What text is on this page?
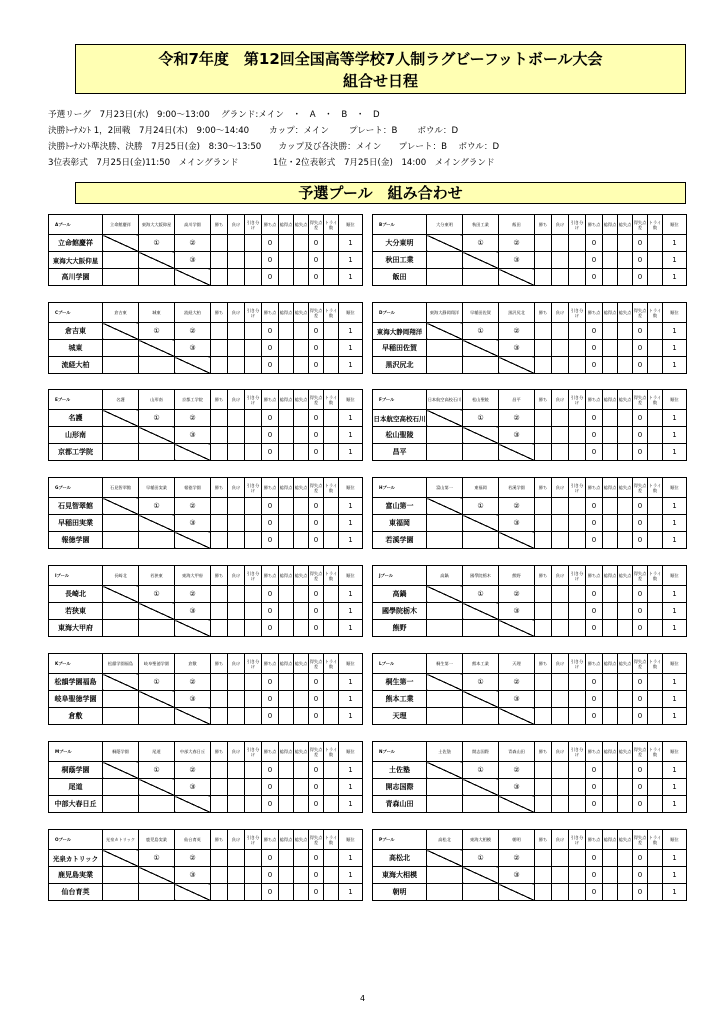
令和7年度　第12回全国高等学校7人制ラグビーフットボール大会
組合せ日程
予選リーグ　7月23日(水)　9:00～13:00　 グランド:メイン　・　A　・　B　・　D
決勝ﾄｰﾅﾒﾝﾄ 1，2回戦　7月24日(木)　9:00～14:40　　 カップ：メイン　　 プレート：B　　 ボウル：D
決勝ﾄｰﾅﾒﾝﾄ準決勝、決勝　7月25日(金)　8:30～13:50　　カップ及び各決勝：メイン　　プレート：B　 ボウル：D
3位表彰式　7月25日(金)11:50　メイングランド　　　　1位・2位表彰式　7月25日(金)　14:00　メイングランド
予選プール　組み合わせ
Aプール	立命館慶祥	東海大大阪仰星	高川学園	勝ち	負け	引き分け	勝ち点	総得点	総失点	得失点差	トライ数	順位
立命館慶祥		①	②				0			0		1
東海大大阪仰星			③				0			0		1
高川学園							0			0		1
Bプール	大分東明	秋田工業	飯田	勝ち	負け	引き分け	勝ち点	総得点	総失点	得失点差	トライ数	順位
大分東明		①	②				0			0		1
秋田工業			③				0			0		1
飯田							0			0		1
Cプール	倉吉東	城東	流経大柏	勝ち	負け	引き分け	勝ち点	総得点	総失点	得失点差	トライ数	順位
倉吉東		①	②				0			0		1
城東			③				0			0		1
流経大柏							0			0		1
Dプール	東海大静岡翔洋	早稲田佐賀	黒沢尻北	勝ち	負け	引き分け	勝ち点	総得点	総失点	得失点差	トライ数	順位
東海大静岡翔洋		①	②				0			0		1
早稲田佐賀			③				0			0		1
黒沢尻北							0			0		1
Eプール	名護	山形南	京都工学院	勝ち	負け	引き分け	勝ち点	総得点	総失点	得失点差	トライ数	順位
名護		①	②				0			0		1
山形南			③				0			0		1
京都工学院							0			0		1
Fプール	日本航空高校石川	松山聖陵	昌平	勝ち	負け	引き分け	勝ち点	総得点	総失点	得失点差	トライ数	順位
日本航空高校石川		①	②				0			0		1
松山聖陵			③				0			0		1
昌平							0			0		1
Gプール	石見智翠館	早稲田実業	報徳学園	勝ち	負け	引き分け	勝ち点	総得点	総失点	得失点差	トライ数	順位
石見智翠館		①	②				0			0		1
早稲田実業			③				0			0		1
報徳学園							0			0		1
Hプール	富山第一	東福岡	若溪学園	勝ち	負け	引き分け	勝ち点	総得点	総失点	得失点差	トライ数	順位
富山第一		①	②				0			0		1
東福岡			③				0			0		1
若溪学園							0			0		1
Iプール	長崎北	若狭東	東海大甲府	勝ち	負け	引き分け	勝ち点	総得点	総失点	得失点差	トライ数	順位
長崎北		①	②				0			0		1
若狭東			③				0			0		1
東海大甲府							0			0		1
Jプール	高鍋	國學院栃木	熊野	勝ち	負け	引き分け	勝ち点	総得点	総失点	得失点差	トライ数	順位
高鍋		①	②				0			0		1
國學院栃木			③				0			0		1
熊野							0			0		1
Kプール	松韻学園福島	岐阜聖徳学園	倉敷	勝ち	負け	引き分け	勝ち点	総得点	総失点	得失点差	トライ数	順位
松韻学園福島		①	②				0			0		1
岐阜聖徳学園			③				0			0		1
倉敷							0			0		1
Lプール	桐生第一	熊本工業	天理	勝ち	負け	引き分け	勝ち点	総得点	総失点	得失点差	トライ数	順位
桐生第一		①	②				0			0		1
熊本工業			③				0			0		1
天理							0			0		1
Mプール	桐蔭学園	尾道	中部大春日丘	勝ち	負け	引き分け	勝ち点	総得点	総失点	得失点差	トライ数	順位
桐蔭学園		①	②				0			0		1
尾道			③				0			0		1
中部大春日丘							0			0		1
Nプール	土佐塾	開志国際	青森山田	勝ち	負け	引き分け	勝ち点	総得点	総失点	得失点差	トライ数	順位
土佐塾		①	②				0			0		1
開志国際			③				0			0		1
青森山田							0			0		1
Oプール	光泉カトリック	鹿児島実業	仙台育英	勝ち	負け	引き分け	勝ち点	総得点	総失点	得失点差	トライ数	順位
光泉カトリック		①	②				0			0		1
鹿児島実業			③				0			0		1
仙台育英							0			0		1
Pプール	高松北	東海大相模	朝明	勝ち	負け	引き分け	勝ち点	総得点	総失点	得失点差	トライ数	順位
高松北		①	②				0			0		1
東海大相模			③				0			0		1
朝明							0			0		1
4
